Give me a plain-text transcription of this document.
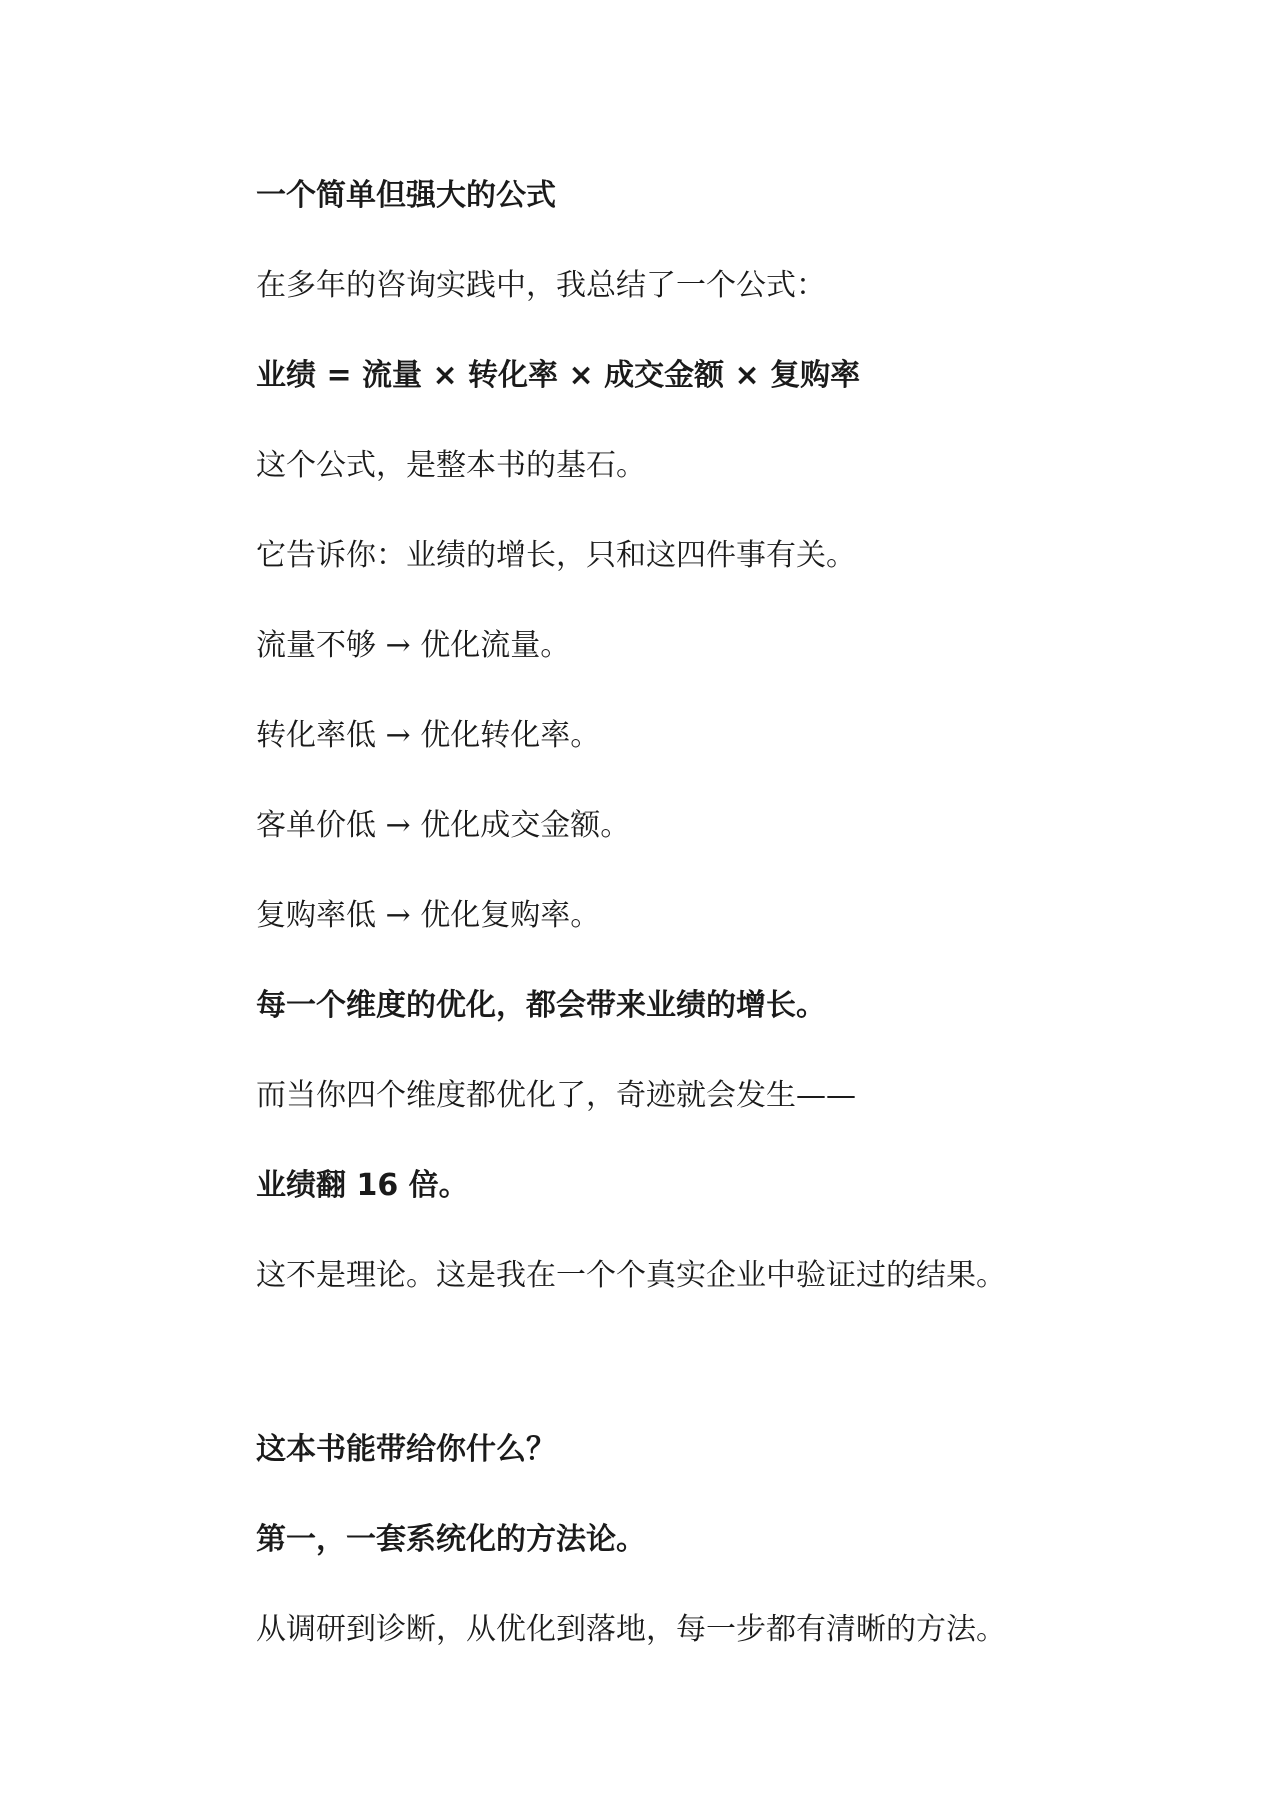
一个简单但强大的公式

在多年的咨询实践中，我总结了一个公式：

业绩 = 流量 × 转化率 × 成交金额 × 复购率

这个公式，是整本书的基石。

它告诉你：业绩的增长，只和这四件事有关。

流量不够 → 优化流量。

转化率低 → 优化转化率。

客单价低 → 优化成交金额。

复购率低 → 优化复购率。

每一个维度的优化，都会带来业绩的增长。

而当你四个维度都优化了，奇迹就会发生——

业绩翻 16 倍。

这不是理论。这是我在一个个真实企业中验证过的结果。

这本书能带给你什么？

第一，一套系统化的方法论。

从调研到诊断，从优化到落地，每一步都有清晰的方法。
